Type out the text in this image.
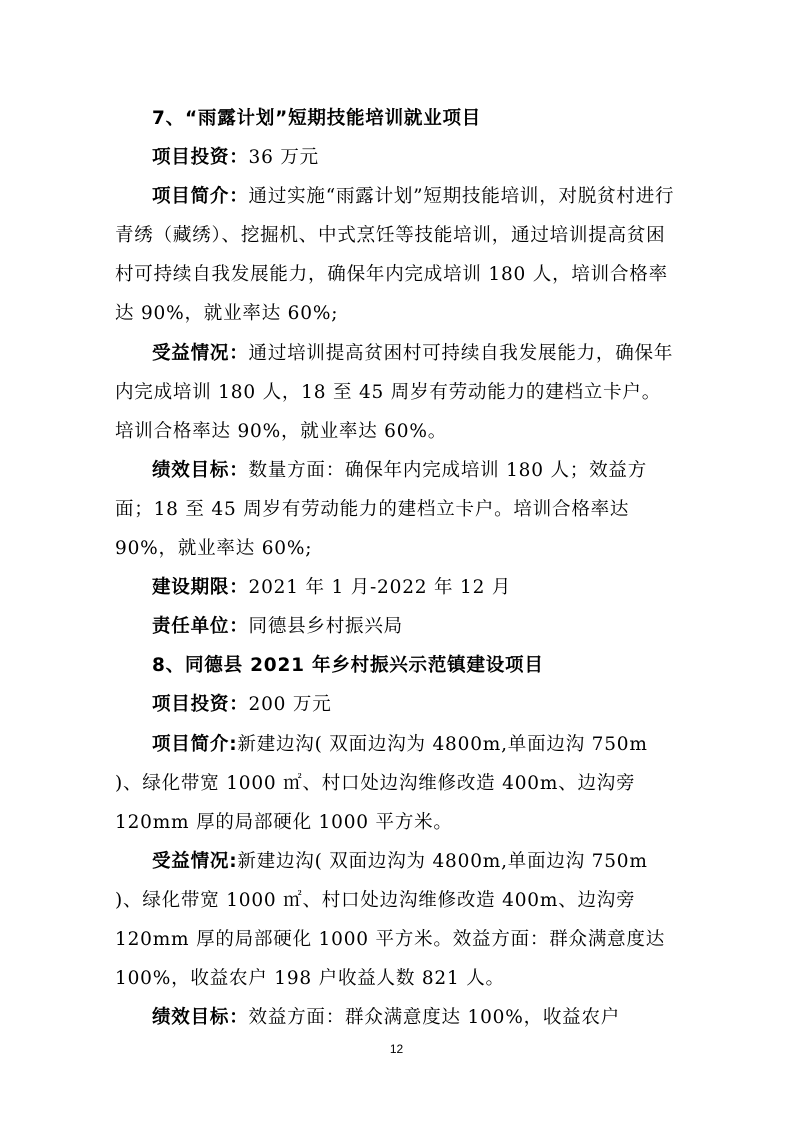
7、“雨露计划”短期技能培训就业项目

项目投资：36 万元

项目简介：通过实施“雨露计划”短期技能培训，对脱贫村进行青绣（藏绣）、挖掘机、中式烹饪等技能培训，通过培训提高贫困村可持续自我发展能力，确保年内完成培训 180 人，培训合格率达 90%，就业率达 60%;

受益情况：通过培训提高贫困村可持续自我发展能力，确保年内完成培训 180 人，18 至 45 周岁有劳动能力的建档立卡户。培训合格率达 90%，就业率达 60%。

绩效目标：数量方面：确保年内完成培训 180 人；效益方面；18 至 45 周岁有劳动能力的建档立卡户。培训合格率达 90%，就业率达 60%;

建设期限：2021 年 1 月-2022 年 12 月

责任单位：同德县乡村振兴局

8、同德县 2021 年乡村振兴示范镇建设项目

项目投资：200 万元

项目简介:新建边沟( 双面边沟为 4800m,单面边沟 750m )、绿化带宽 1000 ㎡、村口处边沟维修改造 400m、边沟旁 120mm 厚的局部硬化 1000 平方米。

受益情况:新建边沟( 双面边沟为 4800m,单面边沟 750m )、绿化带宽 1000 ㎡、村口处边沟维修改造 400m、边沟旁 120mm 厚的局部硬化 1000 平方米。效益方面：群众满意度达 100%，收益农户 198 户收益人数 821 人。

绩效目标：效益方面：群众满意度达 100%，收益农户

12
